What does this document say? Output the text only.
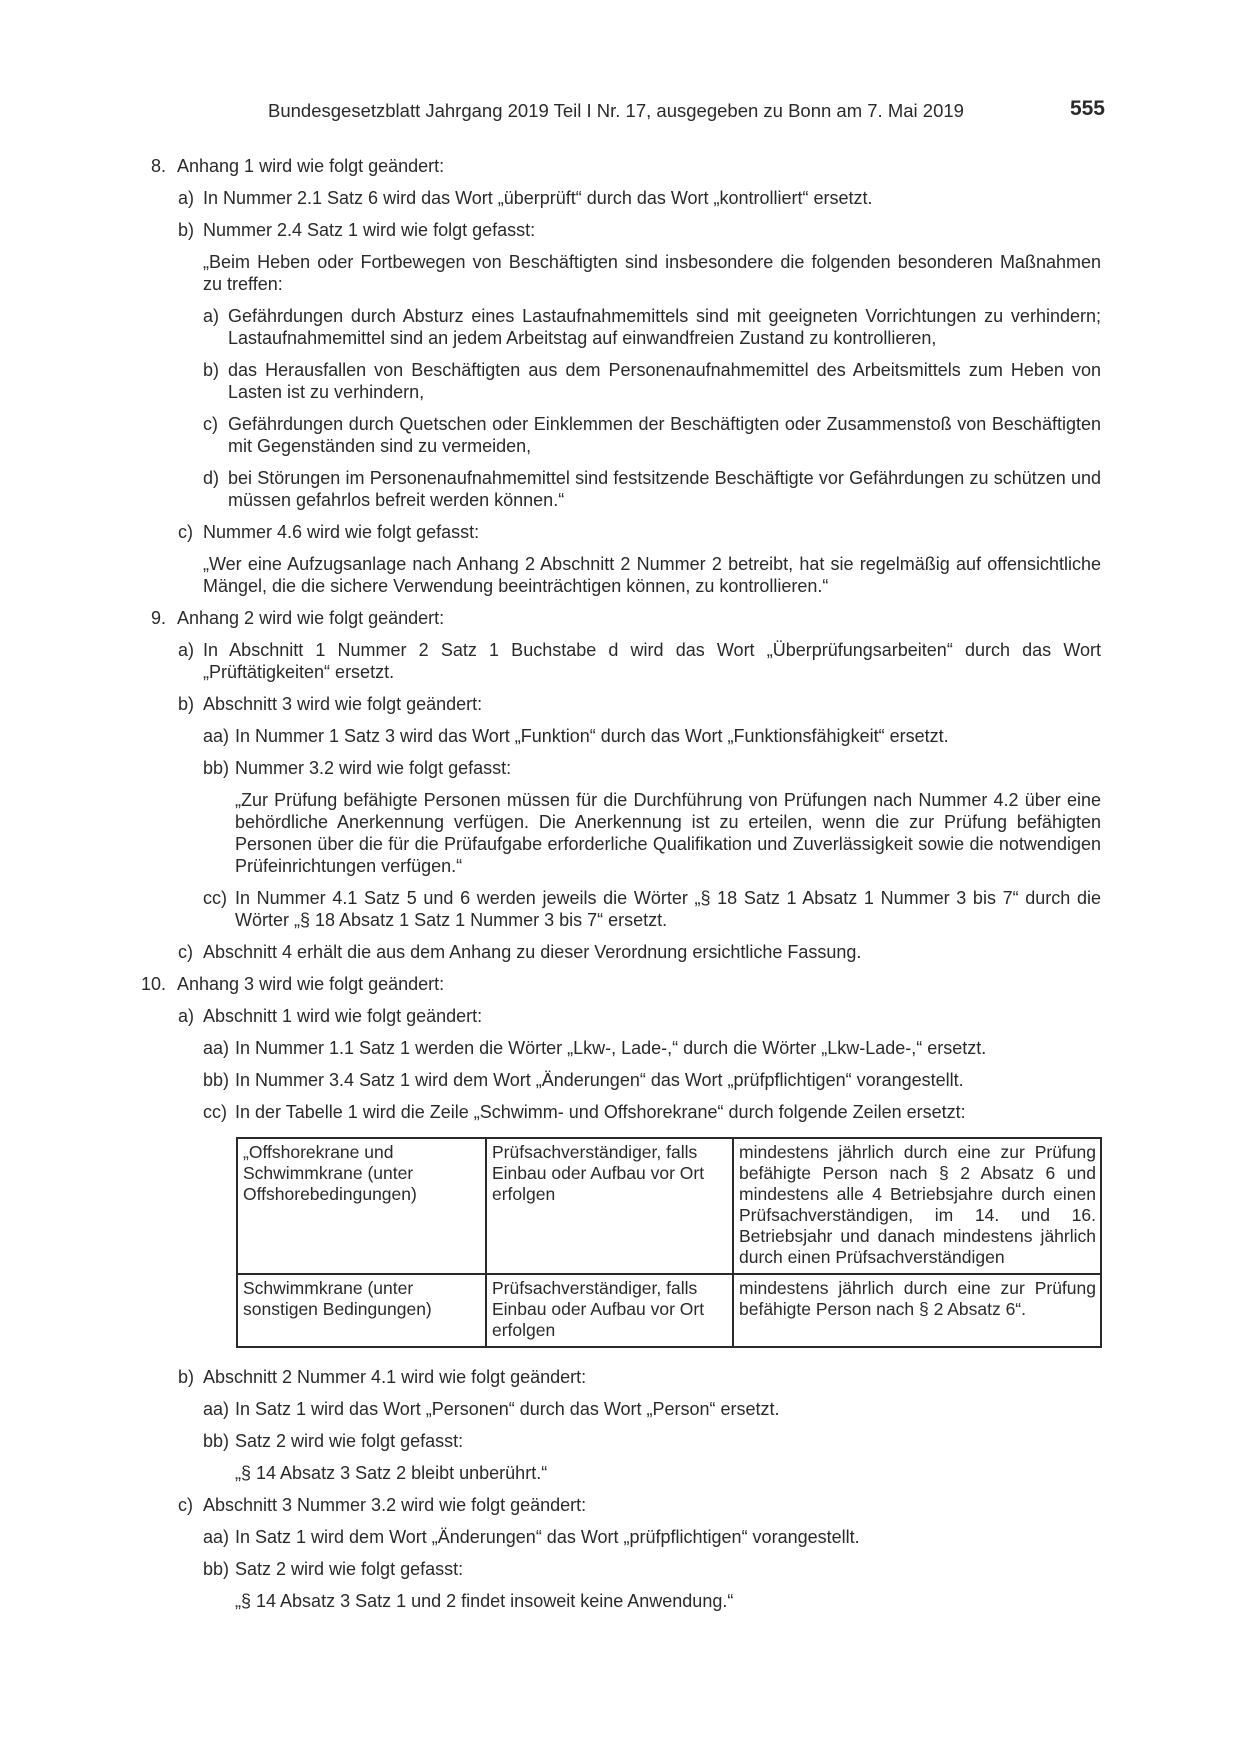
Bundesgesetzblatt Jahrgang 2019 Teil I Nr. 17, ausgegeben zu Bonn am 7. Mai 2019	555
8. Anhang 1 wird wie folgt geändert:
a) In Nummer 2.1 Satz 6 wird das Wort „überprüft“ durch das Wort „kontrolliert“ ersetzt.
b) Nummer 2.4 Satz 1 wird wie folgt gefasst:
„Beim Heben oder Fortbewegen von Beschäftigten sind insbesondere die folgenden besonderen Maßnahmen zu treffen:
a) Gefährdungen durch Absturz eines Lastaufnahmemittels sind mit geeigneten Vorrichtungen zu verhindern; Lastaufnahmemittel sind an jedem Arbeitstag auf einwandfreien Zustand zu kontrollieren,
b) das Herausfallen von Beschäftigten aus dem Personenaufnahmemittel des Arbeitsmittels zum Heben von Lasten ist zu verhindern,
c) Gefährdungen durch Quetschen oder Einklemmen der Beschäftigten oder Zusammenstoß von Beschäftigten mit Gegenständen sind zu vermeiden,
d) bei Störungen im Personenaufnahmemittel sind festsitzende Beschäftigte vor Gefährdungen zu schützen und müssen gefahrlos befreit werden können.“
c) Nummer 4.6 wird wie folgt gefasst:
„Wer eine Aufzugsanlage nach Anhang 2 Abschnitt 2 Nummer 2 betreibt, hat sie regelmäßig auf offensichtliche Mängel, die die sichere Verwendung beeinträchtigen können, zu kontrollieren.“
9. Anhang 2 wird wie folgt geändert:
a) In Abschnitt 1 Nummer 2 Satz 1 Buchstabe d wird das Wort „Überprüfungsarbeiten“ durch das Wort „Prüftätigkeiten“ ersetzt.
b) Abschnitt 3 wird wie folgt geändert:
aa) In Nummer 1 Satz 3 wird das Wort „Funktion“ durch das Wort „Funktionsfähigkeit“ ersetzt.
bb) Nummer 3.2 wird wie folgt gefasst:
„Zur Prüfung befähigte Personen müssen für die Durchführung von Prüfungen nach Nummer 4.2 über eine behördliche Anerkennung verfügen. Die Anerkennung ist zu erteilen, wenn die zur Prüfung befähigten Personen über die für die Prüfaufgabe erforderliche Qualifikation und Zuverlässigkeit sowie die notwendigen Prüfeinrichtungen verfügen.“
cc) In Nummer 4.1 Satz 5 und 6 werden jeweils die Wörter „§ 18 Satz 1 Absatz 1 Nummer 3 bis 7“ durch die Wörter „§ 18 Absatz 1 Satz 1 Nummer 3 bis 7“ ersetzt.
c) Abschnitt 4 erhält die aus dem Anhang zu dieser Verordnung ersichtliche Fassung.
10. Anhang 3 wird wie folgt geändert:
a) Abschnitt 1 wird wie folgt geändert:
aa) In Nummer 1.1 Satz 1 werden die Wörter „Lkw-, Lade-,“ durch die Wörter „Lkw-Lade-,“ ersetzt.
bb) In Nummer 3.4 Satz 1 wird dem Wort „Änderungen“ das Wort „prüfpflichtigen“ vorangestellt.
cc) In der Tabelle 1 wird die Zeile „Schwimm- und Offshorekrane“ durch folgende Zeilen ersetzt:
„Offshorekrane und Schwimmkrane (unter Offshorebedingungen)	Prüfsachverständiger, falls Einbau oder Aufbau vor Ort erfolgen	mindestens jährlich durch eine zur Prüfung befähigte Person nach § 2 Absatz 6 und mindestens alle 4 Betriebsjahre durch einen Prüfsachverständigen, im 14. und 16. Betriebsjahr und danach mindestens jährlich durch einen Prüfsachverständigen
Schwimmkrane (unter sonstigen Bedingungen)	Prüfsachverständiger, falls Einbau oder Aufbau vor Ort erfolgen	mindestens jährlich durch eine zur Prüfung befähigte Person nach § 2 Absatz 6“.
b) Abschnitt 2 Nummer 4.1 wird wie folgt geändert:
aa) In Satz 1 wird das Wort „Personen“ durch das Wort „Person“ ersetzt.
bb) Satz 2 wird wie folgt gefasst:
„§ 14 Absatz 3 Satz 2 bleibt unberührt.“
c) Abschnitt 3 Nummer 3.2 wird wie folgt geändert:
aa) In Satz 1 wird dem Wort „Änderungen“ das Wort „prüfpflichtigen“ vorangestellt.
bb) Satz 2 wird wie folgt gefasst:
„§ 14 Absatz 3 Satz 1 und 2 findet insoweit keine Anwendung.“
